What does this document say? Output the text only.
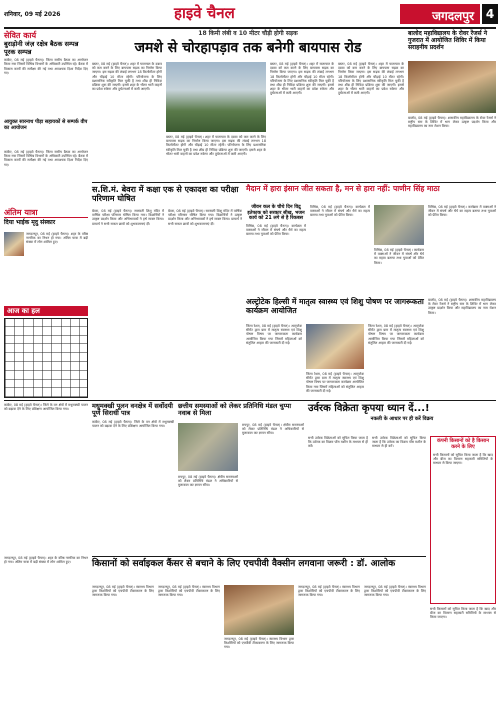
शनिवार, 09 मई 2026	हाइवे चैनल	जगदलपुर 4
सेवित कार्य
बुराड़ोनी जंज़ रक्षेत्र बैठक सम्पन्न पूरक सम्पन्न
कांकेर, 08 मई (हाइवे चैनल)। जिला स्तरीय बैठक का आयोजन किया गया जिसमें विभिन्न विभागों के अधिकारी उपस्थित रहे। बैठक में विकास कार्यों की समीक्षा की गई तथा आवश्यक दिशा निर्देश दिए गए।
आयुक्त सारनाथ पीड़ा सहायकों से सम्पर्क वीप का आयोजन
कांकेर, 08 मई (हाइवे चैनल)। जिला स्तरीय बैठक का आयोजन किया गया जिसमें विभिन्न विभागों के अधिकारी उपस्थित रहे। बैठक में विकास कार्यों की समीक्षा की गई तथा आवश्यक दिशा निर्देश दिए गए।
अंतिम यात्रा
दिया भाईक मृदु संस्कार
जगदलपुर, 08 मई (हाइवे चैनल)। शहर के वरिष्ठ नागरिक का निधन हो गया। अंतिम यात्रा में बड़ी संख्या में लोग शामिल हुए।
आज का हल
18 किमी लंबी व 10 मीटर चौड़ी होगी सड़क
जमशे से चोरहापड़ाव तक बनेगी बायपास रोड
बस्तर, 08 मई (हाइवे चैनल)। शहर में यातायात के दबाव को कम करने के लिए बायपास सड़क का निर्माण किया जाएगा। इस सड़क की लंबाई लगभग 18 किलोमीटर होगी और चौड़ाई 10 मीटर रहेगी। परियोजना के लिए प्रशासनिक स्वीकृति मिल चुकी है तथा शीघ्र ही निविदा प्रक्रिया शुरू की जाएगी। इससे शहर के भीतर भारी वाहनों का प्रवेश रुकेगा और दुर्घटनाओं में कमी आएगी।
बस्तर, 08 मई (हाइवे चैनल)। शहर में यातायात के दबाव को कम करने के लिए बायपास सड़क का निर्माण किया जाएगा। इस सड़क की लंबाई लगभग 18 किलोमीटर होगी और चौड़ाई 10 मीटर रहेगी। परियोजना के लिए प्रशासनिक स्वीकृति मिल चुकी है तथा शीघ्र ही निविदा प्रक्रिया शुरू की जाएगी। इससे शहर के भीतर भारी वाहनों का प्रवेश रुकेगा और दुर्घटनाओं में कमी आएगी।
बस्तर, 08 मई (हाइवे चैनल)। शहर में यातायात के दबाव को कम करने के लिए बायपास सड़क का निर्माण किया जाएगा। इस सड़क की लंबाई लगभग 18 किलोमीटर होगी और चौड़ाई 10 मीटर रहेगी। परियोजना के लिए प्रशासनिक स्वीकृति मिल चुकी है तथा शीघ्र ही निविदा प्रक्रिया शुरू की जाएगी। इससे शहर के भीतर भारी वाहनों का प्रवेश रुकेगा और दुर्घटनाओं में कमी आएगी।
बस्तर, 08 मई (हाइवे चैनल)। शहर में यातायात के दबाव को कम करने के लिए बायपास सड़क का निर्माण किया जाएगा। इस सड़क की लंबाई लगभग 18 किलोमीटर होगी और चौड़ाई 10 मीटर रहेगी। परियोजना के लिए प्रशासनिक स्वीकृति मिल चुकी है तथा शीघ्र ही निविदा प्रक्रिया शुरू की जाएगी। इससे शहर के भीतर भारी वाहनों का प्रवेश रुकेगा और दुर्घटनाओं में कमी आएगी।
बालोद महाविद्यालय के रोवर रेंजर्स ने गुजरात में आयोजित शिविर में किया सराहनीय प्रदर्शन
बालोद, 08 मई (हाइवे चैनल)। शासकीय महाविद्यालय के रोवर रेंजर्स ने राष्ट्रीय स्तर के शिविर में भाग लेकर उत्कृष्ट प्रदर्शन किया और महाविद्यालय का नाम रोशन किया।
स.शि.मं. बेवरा में कक्षा एक से एकादश का परीक्षा परिणाम घोषित
बेवरा, 08 मई (हाइवे चैनल)। सरस्वती शिशु मंदिर में वार्षिक परीक्षा परिणाम घोषित किया गया। विद्यार्थियों ने उत्कृष्ट प्रदर्शन किया और अभिभावकों ने हर्ष व्यक्त किया। प्राचार्य ने सभी सफल छात्रों को शुभकामनाएं दीं।
बेवरा, 08 मई (हाइवे चैनल)। सरस्वती शिशु मंदिर में वार्षिक परीक्षा परिणाम घोषित किया गया। विद्यार्थियों ने उत्कृष्ट प्रदर्शन किया और अभिभावकों ने हर्ष व्यक्त किया। प्राचार्य ने सभी सफल छात्रों को शुभकामनाएं दीं।
मैदान में हारा इंसान जीत सकता है, मन से हारा नहीं: पाणीन सिंह माठा
जीवन कल के चौथे दिन विद्रु इतेफाक को सरकार सीख, भजन कार्य को 21 लगे से है रिकबस
विभिन्न, 08 मई (हाइवे चैनल)। कार्यक्रम में वक्ताओं ने जीवन में संघर्ष और धैर्य का महत्व बताया तथा युवाओं को प्रेरित किया।
विभिन्न, 08 मई (हाइवे चैनल)। कार्यक्रम में वक्ताओं ने जीवन में संघर्ष और धैर्य का महत्व बताया तथा युवाओं को प्रेरित किया।
विभिन्न, 08 मई (हाइवे चैनल)। कार्यक्रम में वक्ताओं ने जीवन में संघर्ष और धैर्य का महत्व बताया तथा युवाओं को प्रेरित किया।
विभिन्न, 08 मई (हाइवे चैनल)। कार्यक्रम में वक्ताओं ने जीवन में संघर्ष और धैर्य का महत्व बताया तथा युवाओं को प्रेरित किया।
अल्ट्रोटेक हिल्सी में मातृत्व स्वास्थ्य एवं शिशु पोषण पर जागरूकता कार्यक्रम आयोजित
जिला रेशम, 08 मई (हाइवे चैनल)। अल्ट्राटेक सीमेंट द्वारा ग्राम में मातृत्व स्वास्थ्य एवं शिशु पोषण विषय पर जागरूकता कार्यक्रम आयोजित किया गया जिसमें महिलाओं को संतुलित आहार की जानकारी दी गई।
जिला रेशम, 08 मई (हाइवे चैनल)। अल्ट्राटेक सीमेंट द्वारा ग्राम में मातृत्व स्वास्थ्य एवं शिशु पोषण विषय पर जागरूकता कार्यक्रम आयोजित किया गया जिसमें महिलाओं को संतुलित आहार की जानकारी दी गई।
जिला रेशम, 08 मई (हाइवे चैनल)। अल्ट्राटेक सीमेंट द्वारा ग्राम में मातृत्व स्वास्थ्य एवं शिशु पोषण विषय पर जागरूकता कार्यक्रम आयोजित किया गया जिसमें महिलाओं को संतुलित आहार की जानकारी दी गई।
बालोद, 08 मई (हाइवे चैनल)। शासकीय महाविद्यालय के रोवर रेंजर्स ने राष्ट्रीय स्तर के शिविर में भाग लेकर उत्कृष्ट प्रदर्शन किया और महाविद्यालय का नाम रोशन किया।
मधुमक्खी पूलन वनक्षेत्र में सर्वोदयी पूर्ण सिराधी पात्र
कांकेर, 08 मई (हाइवे चैनल)। जिले के वन क्षेत्रों में मधुमक्खी पालन को बढ़ावा देने के लिए प्रशिक्षण आयोजित किया गया।
कांकेर, 08 मई (हाइवे चैनल)। जिले के वन क्षेत्रों में मधुमक्खी पालन को बढ़ावा देने के लिए प्रशिक्षण आयोजित किया गया।	छत्तीय समस्याओं को लेकर प्रतिनिधि मंडल चुप्पा नवाब से मिला
रायपुर, 08 मई (हाइवे चैनल)। क्षेत्रीय समस्याओं को लेकर प्रतिनिधि मंडल ने अधिकारियों से मुलाकात कर ज्ञापन सौंपा।
रायपुर, 08 मई (हाइवे चैनल)। क्षेत्रीय समस्याओं को लेकर प्रतिनिधि मंडल ने अधिकारियों से मुलाकात कर ज्ञापन सौंपा।
उर्वरक विक्रेता कृपया ध्यान दें...!
नकली के आधार पर ही करें विक्रय
सभी उर्वरक विक्रेताओं को सूचित किया जाता है कि उर्वरक का विक्रय पॉस मशीन के माध्यम से ही करें।
सभी उर्वरक विक्रेताओं को सूचित किया जाता है कि उर्वरक का विक्रय पॉस मशीन के माध्यम से ही करें।
कंपनी किसानों को है किसान करने के लिए
सभी किसानों को सूचित किया जाता है कि खाद और बीज का वितरण सहकारी समितियों के माध्यम से किया जाएगा।
किसानों को सर्वाइकल कैंसर से बचाने के लिए एचपीवी वैक्सीन लगवाना जरूरी : डॉ. आलोक
जगदलपुर, 08 मई (हाइवे चैनल)। स्वास्थ्य विभाग द्वारा किशोरियों को एचपीवी टीकाकरण के लिए जागरूक किया गया।
जगदलपुर, 08 मई (हाइवे चैनल)। स्वास्थ्य विभाग द्वारा किशोरियों को एचपीवी टीकाकरण के लिए जागरूक किया गया।
जगदलपुर, 08 मई (हाइवे चैनल)। स्वास्थ्य विभाग द्वारा किशोरियों को एचपीवी टीकाकरण के लिए जागरूक किया गया।
जगदलपुर, 08 मई (हाइवे चैनल)। स्वास्थ्य विभाग द्वारा किशोरियों को एचपीवी टीकाकरण के लिए जागरूक किया गया।
जगदलपुर, 08 मई (हाइवे चैनल)। स्वास्थ्य विभाग द्वारा किशोरियों को एचपीवी टीकाकरण के लिए जागरूक किया गया।
जगदलपुर, 08 मई (हाइवे चैनल)। शहर के वरिष्ठ नागरिक का निधन हो गया। अंतिम यात्रा में बड़ी संख्या में लोग शामिल हुए।
सभी किसानों को सूचित किया जाता है कि खाद और बीज का वितरण सहकारी समितियों के माध्यम से किया जाएगा।
